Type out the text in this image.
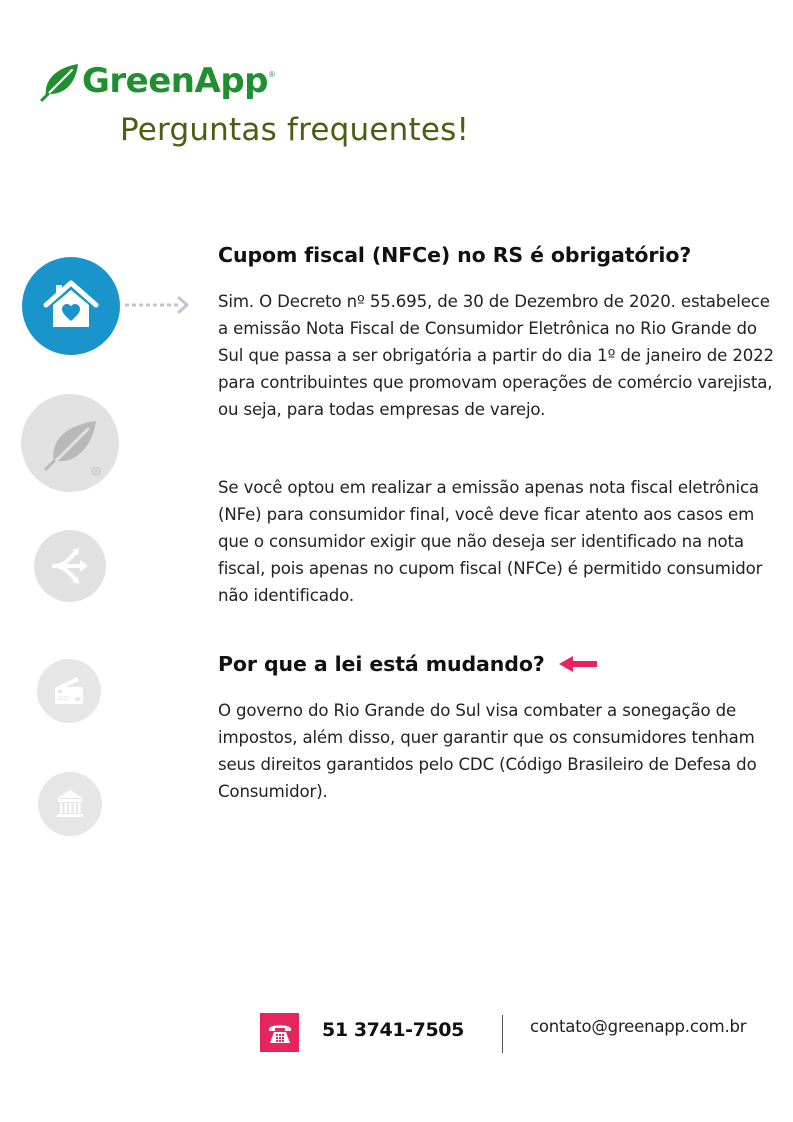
GreenApp ®
Perguntas frequentes!
R
Cupom fiscal (NFCe) no RS é obrigatório?

Sim. O Decreto nº 55.695, de 30 de Dezembro de 2020. estabelece a emissão Nota Fiscal de Consumidor Eletrônica no Rio Grande do Sul que passa a ser obrigatória a partir do dia 1º de janeiro de 2022 para contribuintes que promovam operações de comércio varejista, ou seja, para todas empresas de varejo.

Se você optou em realizar a emissão apenas nota fiscal eletrônica (NFe) para consumidor final, você deve ficar atento aos casos em que o consumidor exigir que não deseja ser identificado na nota fiscal, pois apenas no cupom fiscal (NFCe) é permitido consumidor não identificado.

Por que a lei está mudando?

O governo do Rio Grande do Sul visa combater a sonegação de impostos, além disso, quer garantir que os consumidores tenham seus direitos garantidos pelo CDC (Código Brasileiro de Defesa do Consumidor).

51 3741-7505	contato@greenapp.com.br
